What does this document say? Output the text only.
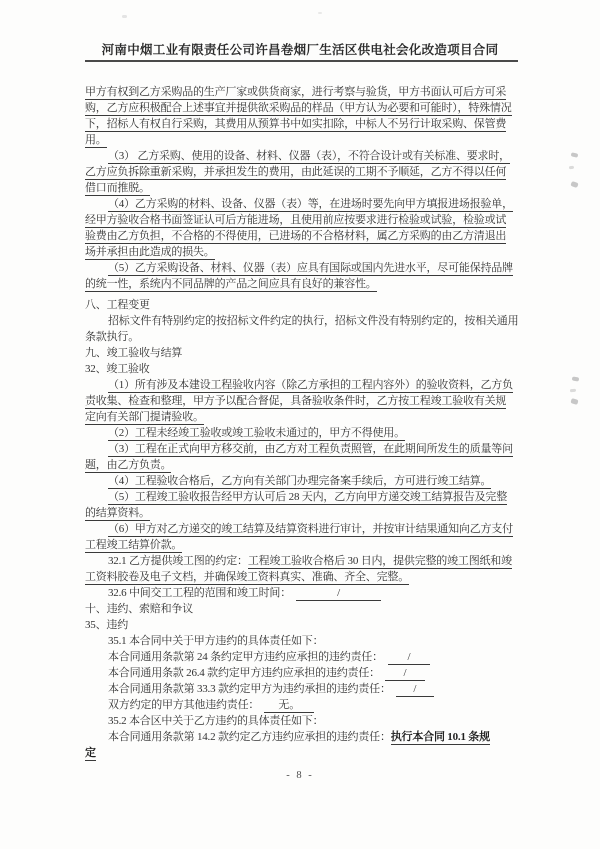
河南中烟工业有限责任公司许昌卷烟厂生活区供电社会化改造项目合同
甲方有权到乙方采购品的生产厂家或供货商家，进行考察与验货，甲方书面认可后方可采
购，乙方应积极配合上述事宜并提供欲采购品的样品（甲方认为必要和可能时），特殊情况
下，招标人有权自行采购，其费用从预算书中如实扣除，中标人不另行计取采购、保管费
用。
（3） 乙方采购、使用的设备、材料、仪器（表），不符合设计或有关标准、要求时，
乙方应负拆除重新采购，并承担发生的费用，由此延误的工期不予顺延，乙方不得以任何
借口而推脱。
（4）乙方采购的材料、设备、仪器（表）等，在进场时要先向甲方填报进场报验单，
经甲方验收合格书面签证认可后方能进场，且使用前应按要求进行检验或试验，检验或试
验费由乙方负担，不合格的不得使用，已进场的不合格材料，属乙方采购的由乙方清退出
场并承担由此造成的损失。
（5）乙方采购设备、材料、仪器（表）应具有国际或国内先进水平，尽可能保持品牌
的统一性，系统内不同品牌的产品之间应具有良好的兼容性。
八、工程变更
招标文件有特别约定的按招标文件约定的执行，招标文件没有特别约定的，按相关通用
条款执行。
九、竣工验收与结算
32、竣工验收
（1）所有涉及本建设工程验收内容（除乙方承担的工程内容外）的验收资料，乙方负
责收集、检查和整理，甲方予以配合督促，具备验收条件时，乙方按工程竣工验收有关规
定向有关部门提请验收。
（2）工程未经竣工验收或竣工验收未通过的，甲方不得使用。
（3）工程在正式向甲方移交前，由乙方对工程负责照管，在此期间所发生的质量等问
题，由乙方负责。
（4）工程验收合格后，乙方向有关部门办理完备案手续后，方可进行竣工结算。
（5）工程竣工验收报告经甲方认可后 28 天内，乙方向甲方递交竣工结算报告及完整
的结算资料。
（6）甲方对乙方递交的竣工结算及结算资料进行审计，并按审计结果通知向乙方支付
工程竣工结算价款。
32.1 乙方提供竣工图的约定：工程竣工验收合格后 30 日内，提供完整的竣工图纸和竣
工资料胶卷及电子文档，并确保竣工资料真实、准确、齐全、完整。
32.6 中间交工工程的范围和竣工时间：	/
十、违约、索赔和争议
35、违约
35.1 本合同中关于甲方违约的具体责任如下：
本合同通用条款第 24 条约定甲方违约应承担的违约责任： /
本合同通用条款 26.4 款约定甲方违约应承担的违约责任： /
本合同通用条款第 33.3 款约定甲方为违约承担的违约责任： /
双方约定的甲方其他违约责任： 无。
35.2 本合区中关于乙方违约的具体责任如下：
本合同通用条款第 14.2 款约定乙方违约应承担的违约责任：执行本合同 10.1 条规
定
- 8 -
